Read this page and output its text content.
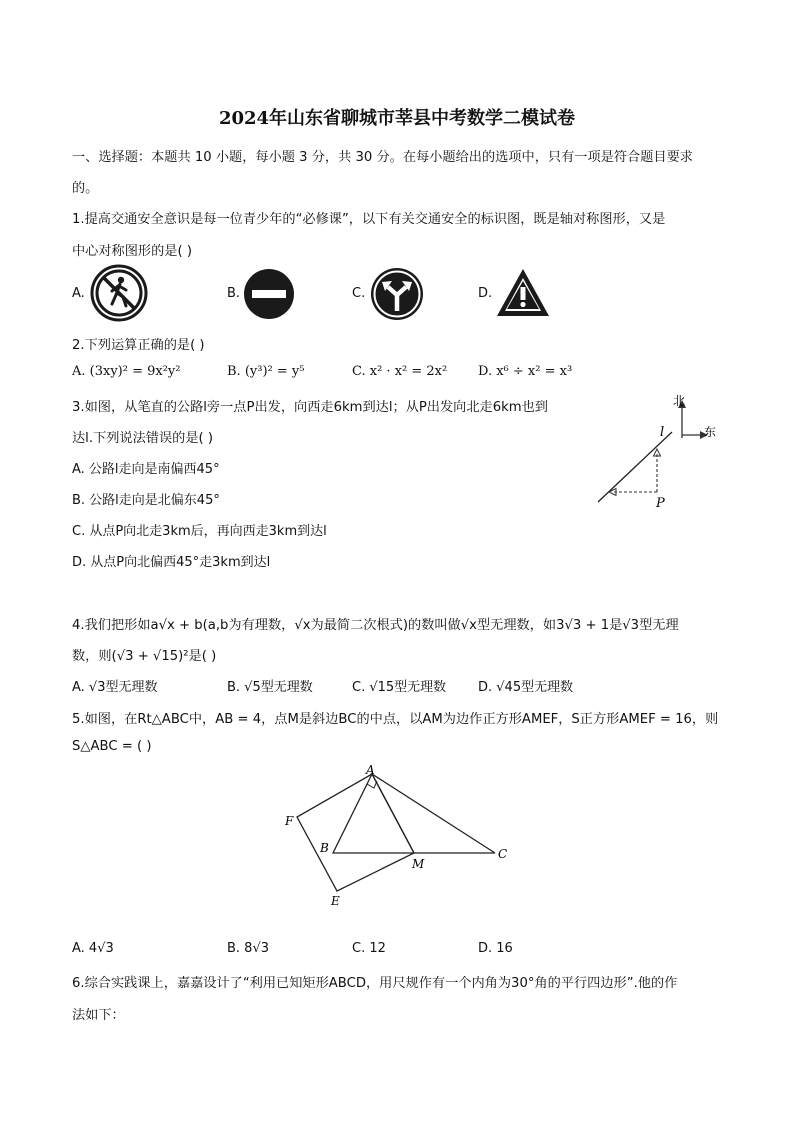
2024年山东省聊城市莘县中考数学二模试卷
一、选择题：本题共 10 小题，每小题 3 分，共 30 分。在每小题给出的选项中，只有一项是符合题目要求
的。
1.提高交通安全意识是每一位青少年的“必修课”，以下有关交通安全的标识图，既是轴对称图形，又是
中心对称图形的是( )
A.	B.	C.	D.
2.下列运算正确的是( )
A. (3xy)² = 9x²y²	B. (y³)² = y⁵	C. x² · x² = 2x² D. x⁶ ÷ x² = x³
3.如图，从笔直的公路l旁一点P出发，向西走6km到达l；从P出发向北走6km也到
达l.下列说法错误的是( )
A. 公路l走向是南偏西45°
B. 公路l走向是北偏东45°
C. 从点P向北走3km后，再向西走3km到达l
D. 从点P向北偏西45°走3km到达l
北
东
l
P
4.我们把形如a√x + b(a,b为有理数，√x为最简二次根式)的数叫做√x型无理数，如3√3 + 1是√3型无理
数，则(√3 + √15)²是( )
A. √3型无理数	B. √5型无理数	C. √15型无理数 D. √45型无理数
5.如图，在Rt△ABC中，AB = 4，点M是斜边BC的中点，以AM为边作正方形AMEF，S正方形AMEF = 16，则
S△ABC = ( )
A
B	C
M
E
F
A. 4√3	B. 8√3	C. 12	D. 16
6.综合实践课上，嘉嘉设计了“利用已知矩形ABCD，用尺规作有一个内角为30°角的平行四边形”.他的作
法如下：
